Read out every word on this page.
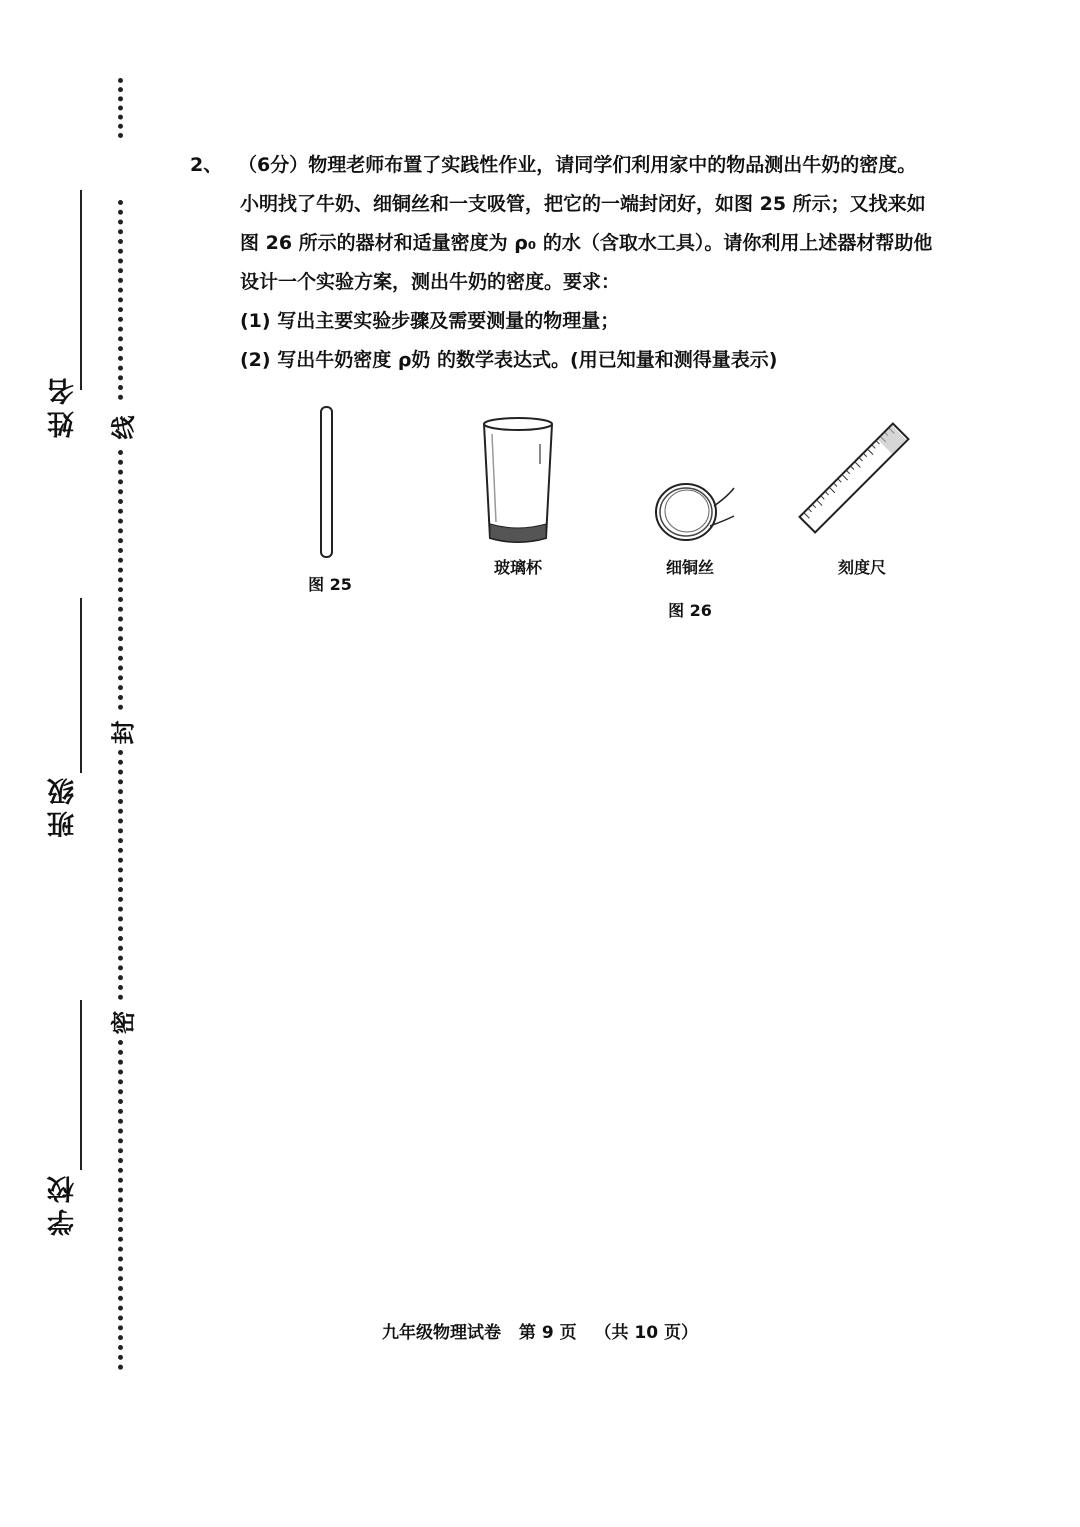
姓名
班级
学校
线
封
密
2、 （6分）物理老师布置了实践性作业，请同学们利用家中的物品测出牛奶的密度。
小明找了牛奶、细铜丝和一支吸管，把它的一端封闭好，如图 25 所示；又找来如
图 26 所示的器材和适量密度为 ρ₀ 的水（含取水工具）。请你利用上述器材帮助他
设计一个实验方案，测出牛奶的密度。要求：
(1) 写出主要实验步骤及需要测量的物理量；
(2) 写出牛奶密度 ρ奶 的数学表达式。(用已知量和测得量表示)
图 25
玻璃杯	细铜丝
图 26
刻度尺
九年级物理试卷 第 9 页 （共 10 页）
